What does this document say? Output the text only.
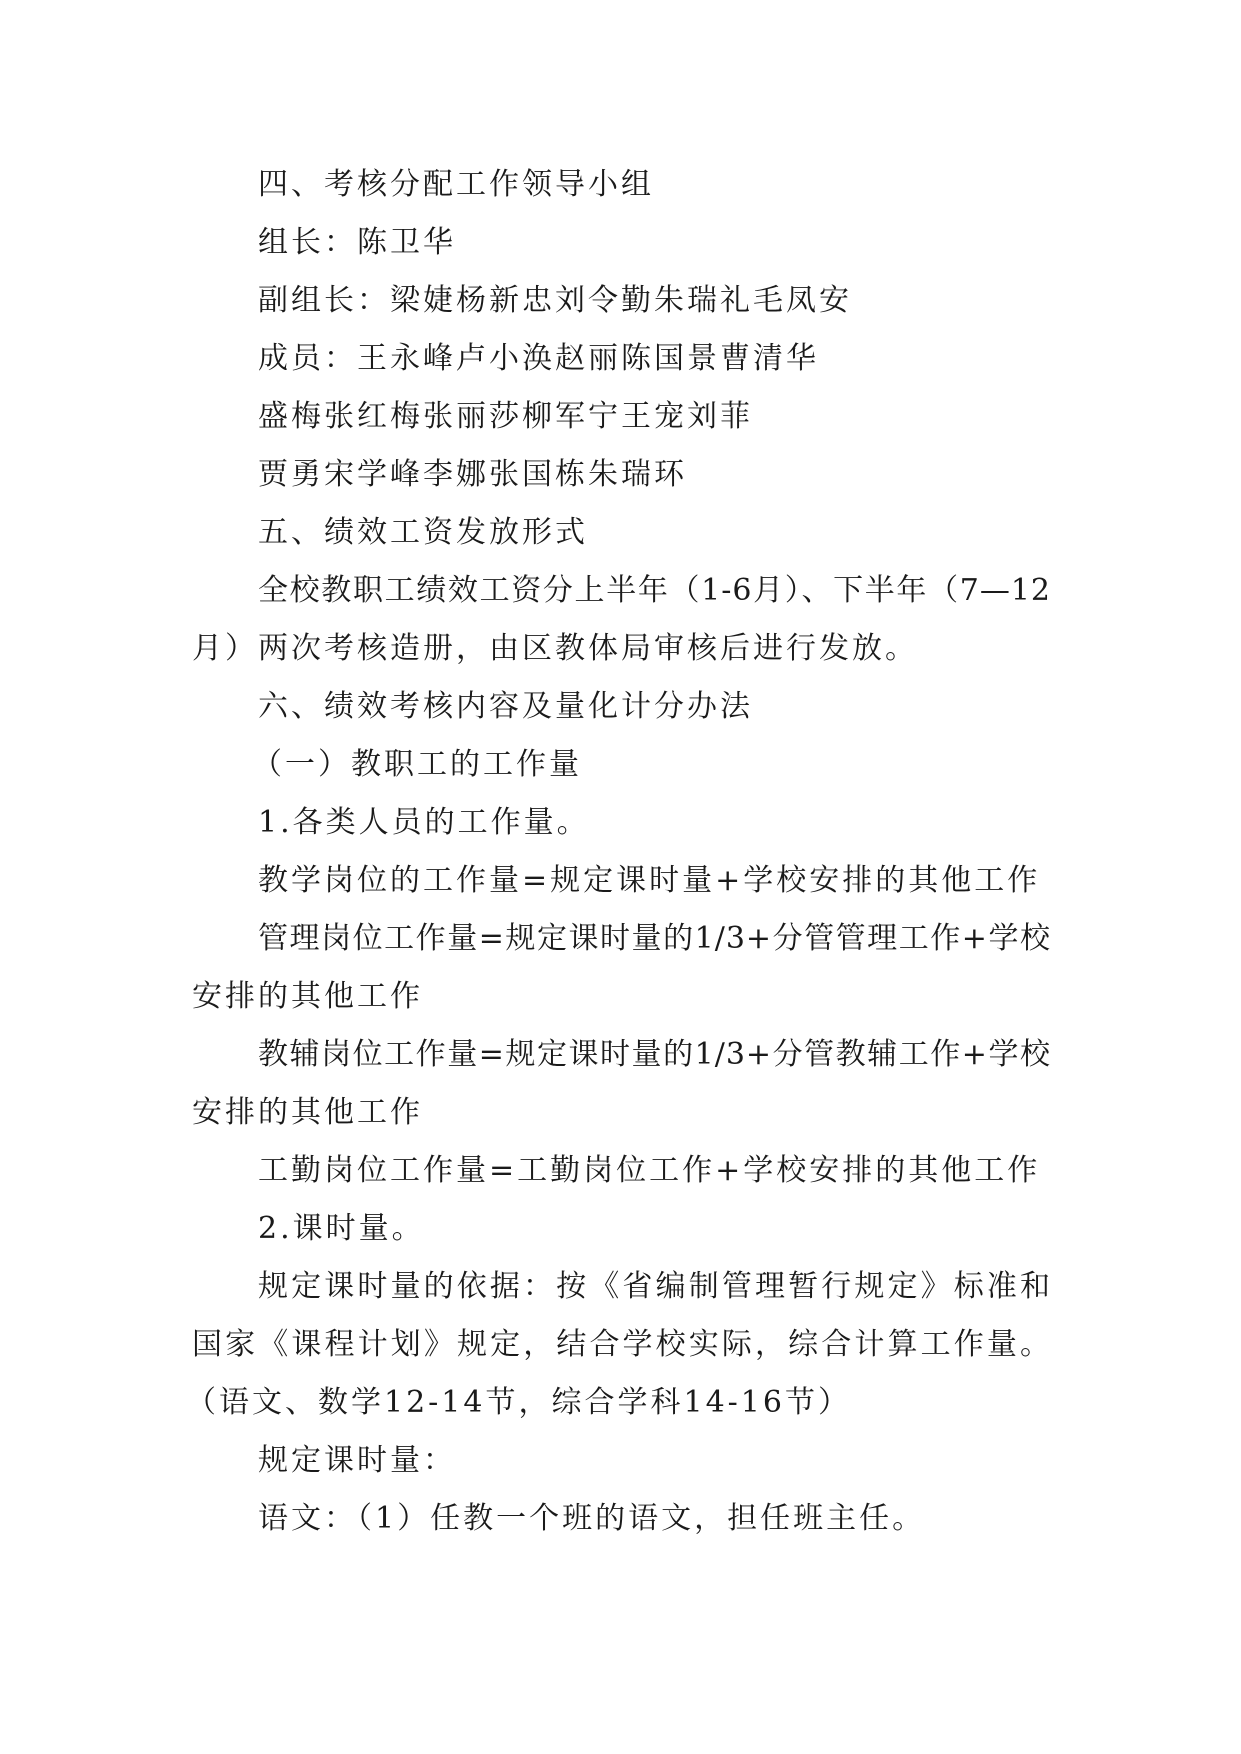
四、考核分配工作领导小组
组长：陈卫华
副组长：梁婕杨新忠刘令勤朱瑞礼毛凤安
成员：王永峰卢小涣赵丽陈国景曹清华
盛梅张红梅张丽莎柳军宁王宠刘菲
贾勇宋学峰李娜张国栋朱瑞环
五、绩效工资发放形式
全校教职工绩效工资分上半年（1-6月）、下半年（7—12
月）两次考核造册，由区教体局审核后进行发放。
六、绩效考核内容及量化计分办法
（一）教职工的工作量
1.各类人员的工作量。
教学岗位的工作量=规定课时量+学校安排的其他工作
管理岗位工作量=规定课时量的1/3+分管管理工作+学校
安排的其他工作
教辅岗位工作量=规定课时量的1/3+分管教辅工作+学校
安排的其他工作
工勤岗位工作量=工勤岗位工作+学校安排的其他工作
2.课时量。
规定课时量的依据：按《省编制管理暂行规定》标准和
国家《课程计划》规定，结合学校实际，综合计算工作量。
（语文、数学12-14节，综合学科14-16节）
规定课时量：
语文：（1）任教一个班的语文，担任班主任。
